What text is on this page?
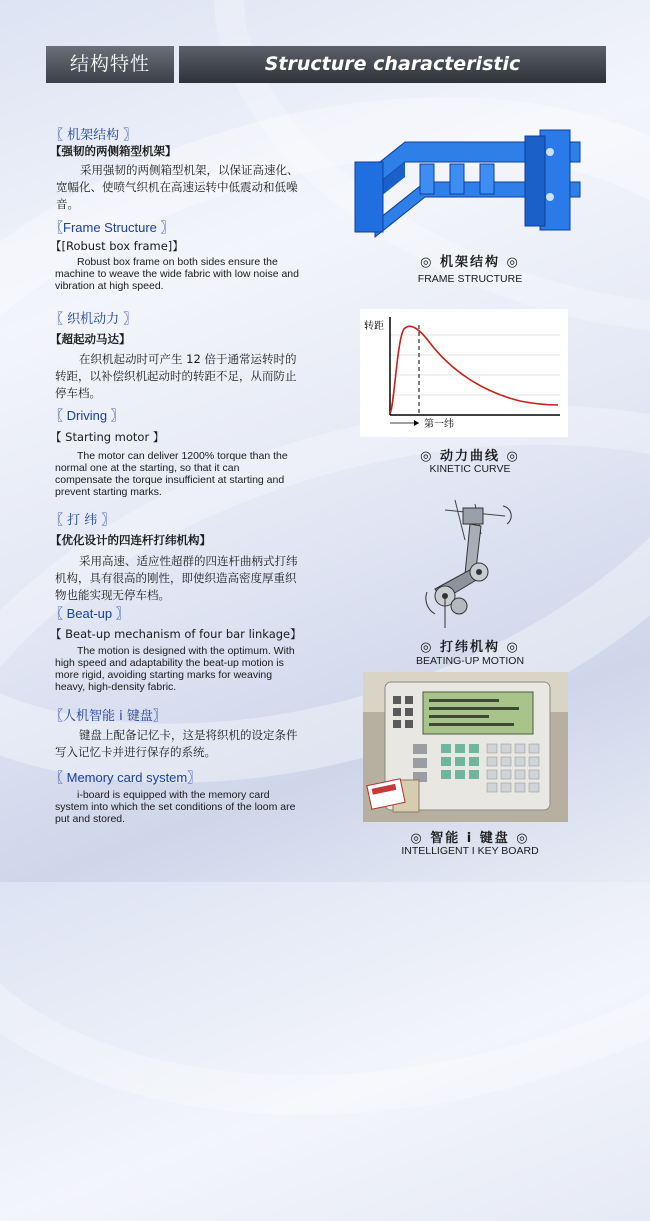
结构特性	Structure characteristic

〖 机架结构 〗

【强韧的两侧箱型机架】

采用强韧的两侧箱型机架，以保证高速化、宽幅化、使喷气织机在高速运转中低震动和低噪音。

〖Frame Structure 〗

【[Robust box frame]】

Robust box frame on both sides ensure the machine to weave the wide fabric with low noise and vibration at high speed.

〖 织机动力 〗

【超起动马达】

在织机起动时可产生 12 倍于通常运转时的转距，以补偿织机起动时的转距不足，从而防止停车档。

〖 Driving 〗

【 Starting motor 】

The motor can deliver 1200% torque than the normal one at the starting, so that it can compensate the torque insufficient at starting and prevent starting marks.

〖 打 纬 〗

【优化设计的四连杆打纬机构】

采用高速、适应性超群的四连杆曲柄式打纬机构，具有很高的刚性，即使织造高密度厚重织物也能实现无停车档。

〖 Beat-up 〗

【 Beat-up mechanism of four bar linkage】

The motion is designed with the optimum. With high speed and adaptability the beat-up motion is more rigid, avoiding starting marks for weaving heavy, high-density fabric.

〖人机智能 i 键盘〗

键盘上配备记忆卡，这是将织机的设定条件写入记忆卡并进行保存的系统。

〖 Memory card system〗

i-board is equipped with the memory card system into which the set conditions of the loom are put and stored.

◎ 机架结构 ◎
FRAME STRUCTURE
转距
第一纬
◎ 动力曲线 ◎
KINETIC CURVE
◎ 打纬机构 ◎
BEATING-UP MOTION
◎ 智能 i 键盘 ◎
INTELLIGENT I KEY BOARD
